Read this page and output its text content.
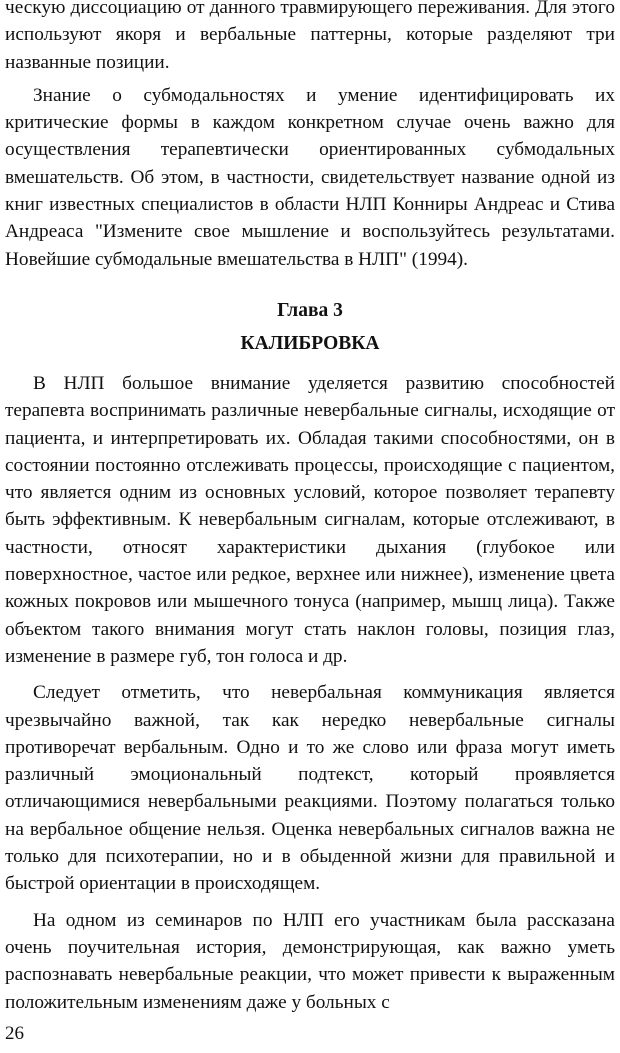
ческую диссоциацию от данного травмирующего переживания. Для этого используют якоря и вербальные паттерны, которые разделяют три названные позиции.

Знание о субмодальностях и умение идентифицировать их критические формы в каждом конкретном случае очень важно для осуществления терапевтически ориентированных субмодальных вмешательств. Об этом, в частности, свидетельствует название одной из книг известных специалистов в области НЛП Конниры Андреас и Стива Андреаса "Измените свое мышление и воспользуйтесь результатами. Новейшие субмодальные вмешательства в НЛП" (1994).

Глава 3
КАЛИБРОВКА

В НЛП большое внимание уделяется развитию способностей терапевта воспринимать различные невербальные сигналы, исходящие от пациента, и интерпретировать их. Обладая такими способностями, он в состоянии постоянно отслеживать процессы, происходящие с пациентом, что является одним из основных условий, которое позволяет терапевту быть эффективным. К невербальным сигналам, которые отслеживают, в частности, относят характеристики дыхания (глубокое или поверхностное, частое или редкое, верхнее или нижнее), изменение цвета кожных покровов или мышечного тонуса (например, мышц лица). Также объектом такого внимания могут стать наклон головы, позиция глаз, изменение в размере губ, тон голоса и др.

Следует отметить, что невербальная коммуникация является чрезвычайно важной, так как нередко невербальные сигналы противоречат вербальным. Одно и то же слово или фраза могут иметь различный эмоциональный подтекст, который проявляется отличающимися невербальными реакциями. Поэтому полагаться только на вербальное общение нельзя. Оценка невербальных сигналов важна не только для психотерапии, но и в обыденной жизни для правильной и быстрой ориентации в происходящем.

На одном из семинаров по НЛП его участникам была рассказана очень поучительная история, демонстрирующая, как важно уметь распознавать невербальные реакции, что может привести к выраженным положительным изменениям даже у больных с

26
